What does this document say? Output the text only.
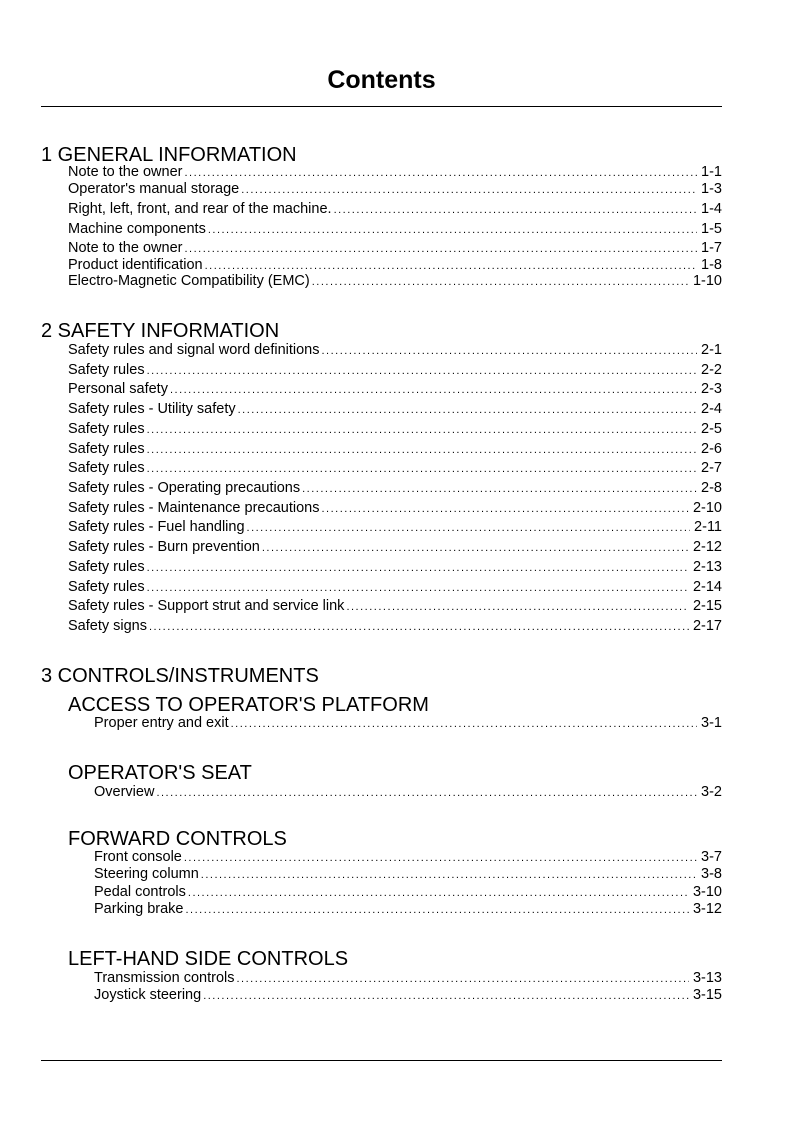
Contents
1 GENERAL INFORMATION
Note to the owner .....	1-1
Operator's manual storage .....	1-3
Right, left, front, and rear of the machine. .....	1-4
Machine components .....	1-5
Note to the owner .....	1-7
Product identification .....	1-8
Electro-Magnetic Compatibility (EMC) .....	1-10
2 SAFETY INFORMATION
Safety rules and signal word definitions .....	2-1
Safety rules .....	2-2
Personal safety .....	2-3
Safety rules - Utility safety .....	2-4
Safety rules .....	2-5
Safety rules .....	2-6
Safety rules .....	2-7
Safety rules - Operating precautions .....	2-8
Safety rules - Maintenance precautions .....	2-10
Safety rules - Fuel handling .....	2-11
Safety rules - Burn prevention .....	2-12
Safety rules .....	2-13
Safety rules .....	2-14
Safety rules - Support strut and service link .....	2-15
Safety signs .....	2-17
3 CONTROLS/INSTRUMENTS
ACCESS TO OPERATOR'S PLATFORM
Proper entry and exit .....	3-1
OPERATOR'S SEAT
Overview .....	3-2
FORWARD CONTROLS
Front console .....	3-7
Steering column .....	3-8
Pedal controls .....	3-10
Parking brake .....	3-12
LEFT-HAND SIDE CONTROLS
Transmission controls .....	3-13
Joystick steering .....	3-15
